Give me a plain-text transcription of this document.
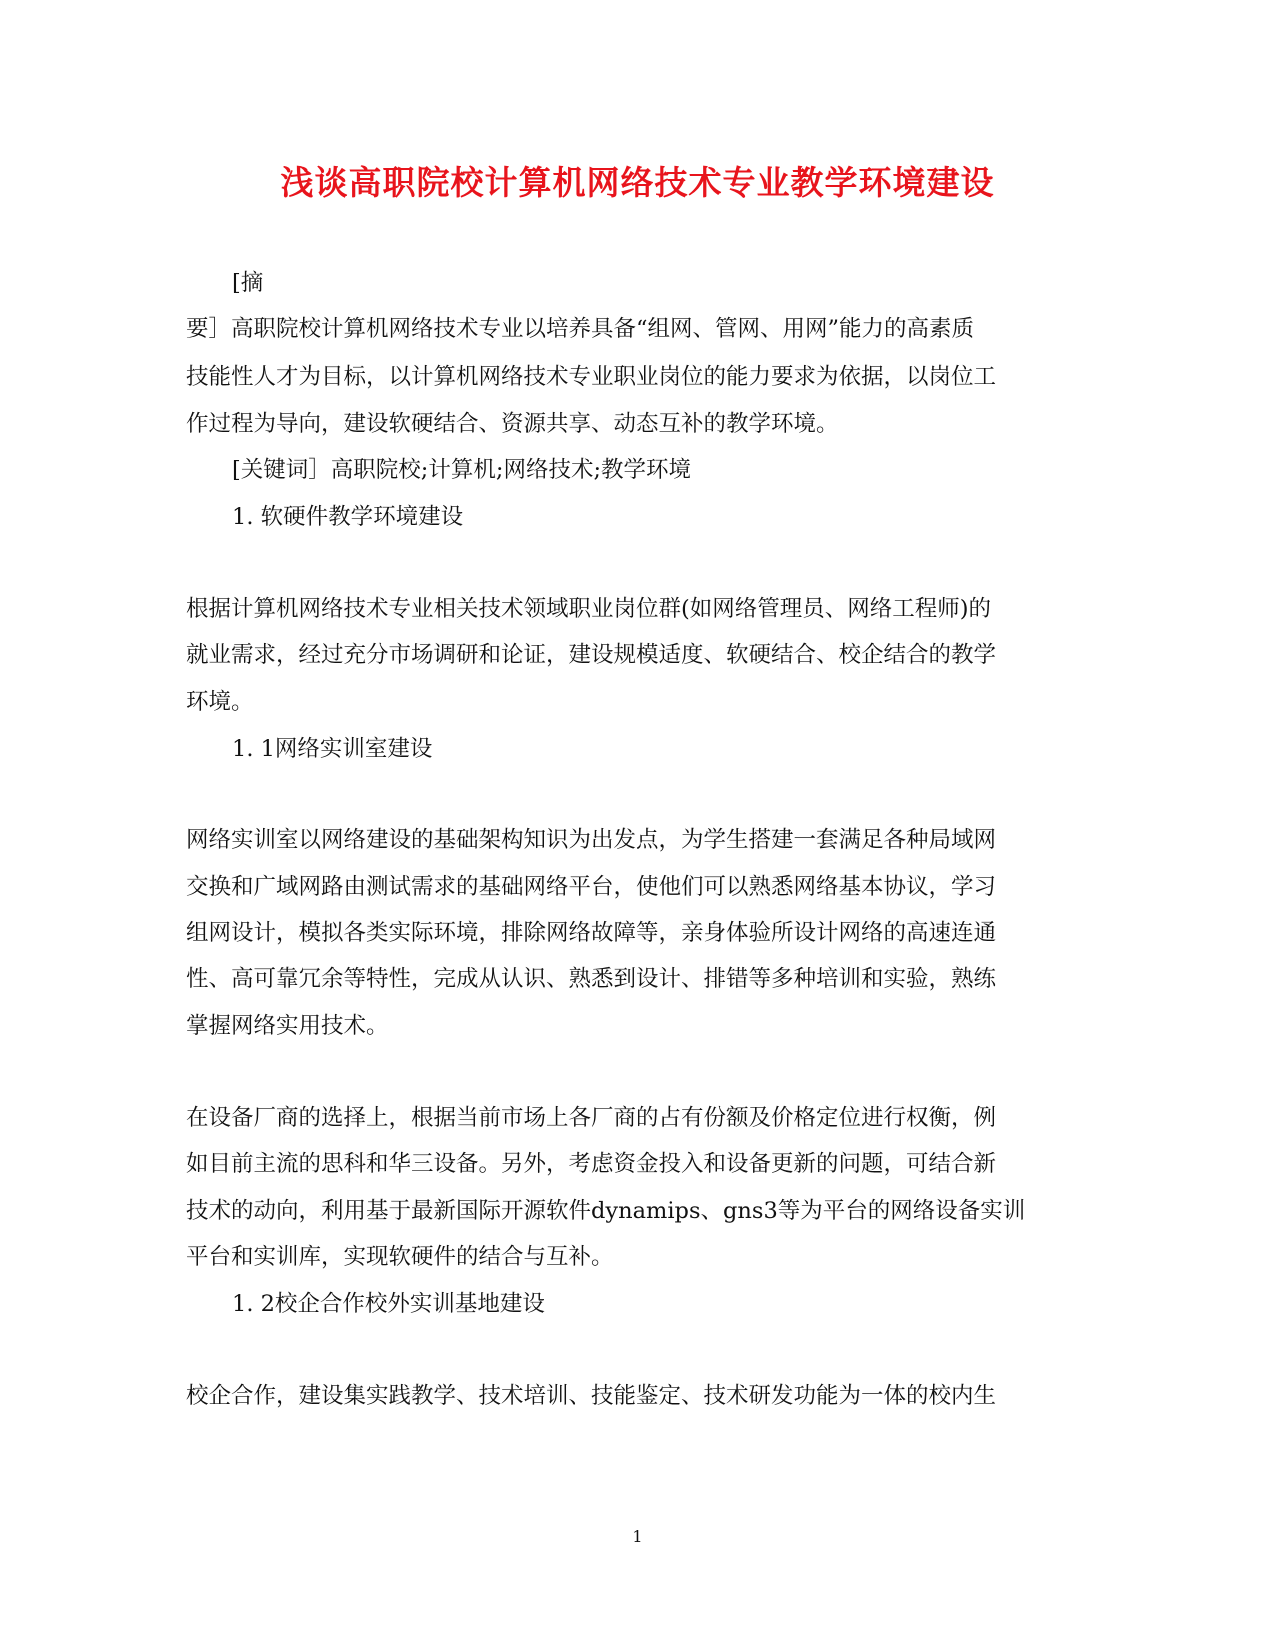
浅谈高职院校计算机网络技术专业教学环境建设
[摘
要］高职院校计算机网络技术专业以培养具备“组网、管网、用网”能力的高素质
技能性人才为目标，以计算机网络技术专业职业岗位的能力要求为依据，以岗位工
作过程为导向，建设软硬结合、资源共享、动态互补的教学环境。
[关键词］高职院校;计算机;网络技术;教学环境
1. 软硬件教学环境建设
根据计算机网络技术专业相关技术领域职业岗位群(如网络管理员、网络工程师)的
就业需求，经过充分市场调研和论证，建设规模适度、软硬结合、校企结合的教学
环境。
1. 1网络实训室建设
网络实训室以网络建设的基础架构知识为出发点，为学生搭建一套满足各种局域网
交换和广域网路由测试需求的基础网络平台，使他们可以熟悉网络基本协议，学习
组网设计，模拟各类实际环境，排除网络故障等，亲身体验所设计网络的高速连通
性、高可靠冗余等特性，完成从认识、熟悉到设计、排错等多种培训和实验，熟练
掌握网络实用技术。
在设备厂商的选择上，根据当前市场上各厂商的占有份额及价格定位进行权衡，例
如目前主流的思科和华三设备。另外，考虑资金投入和设备更新的问题，可结合新
技术的动向，利用基于最新国际开源软件dynamips、gns3等为平台的网络设备实训
平台和实训库，实现软硬件的结合与互补。
1. 2校企合作校外实训基地建设
校企合作，建设集实践教学、技术培训、技能鉴定、技术研发功能为一体的校内生
1
